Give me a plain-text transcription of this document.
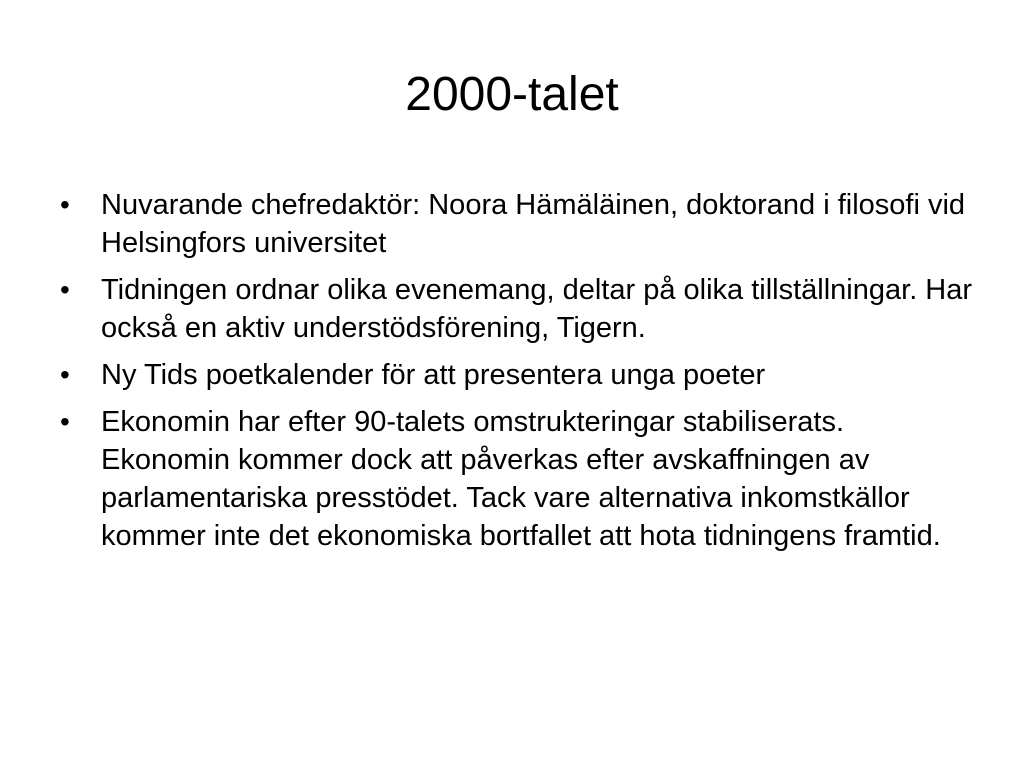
2000-talet
•	Nuvarande chefredaktör: Noora Hämäläinen, doktorand i filosofi vid Helsingfors universitet
•	Tidningen ordnar olika evenemang, deltar på olika tillställningar. Har också en aktiv understödsförening, Tigern.
•	Ny Tids poetkalender för att presentera unga poeter
•	Ekonomin har efter 90-talets omstrukteringar stabiliserats. Ekonomin kommer dock att påverkas efter avskaffningen av parlamentariska presstödet. Tack vare alternativa inkomstkällor kommer inte det ekonomiska bortfallet att hota tidningens framtid.
